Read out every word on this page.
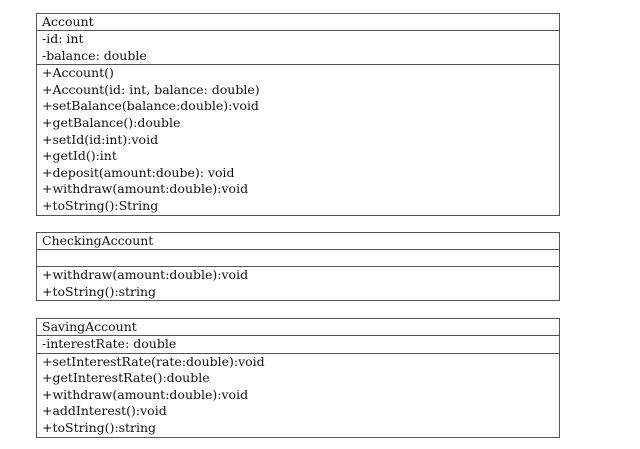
Account
-id: int
-balance: double
+Account()
+Account(id: int, balance: double)
+setBalance(balance:double):void
+getBalance():double
+setId(id:int):void
+getId():int
+deposit(amount:doube): void
+withdraw(amount:double):void
+toString():String
CheckingAccount
+withdraw(amount:double):void
+toString():string
SavingAccount
-interestRate: double
+setInterestRate(rate:double):void
+getInterestRate():double
+withdraw(amount:double):void
+addInterest():void
+toString():string
